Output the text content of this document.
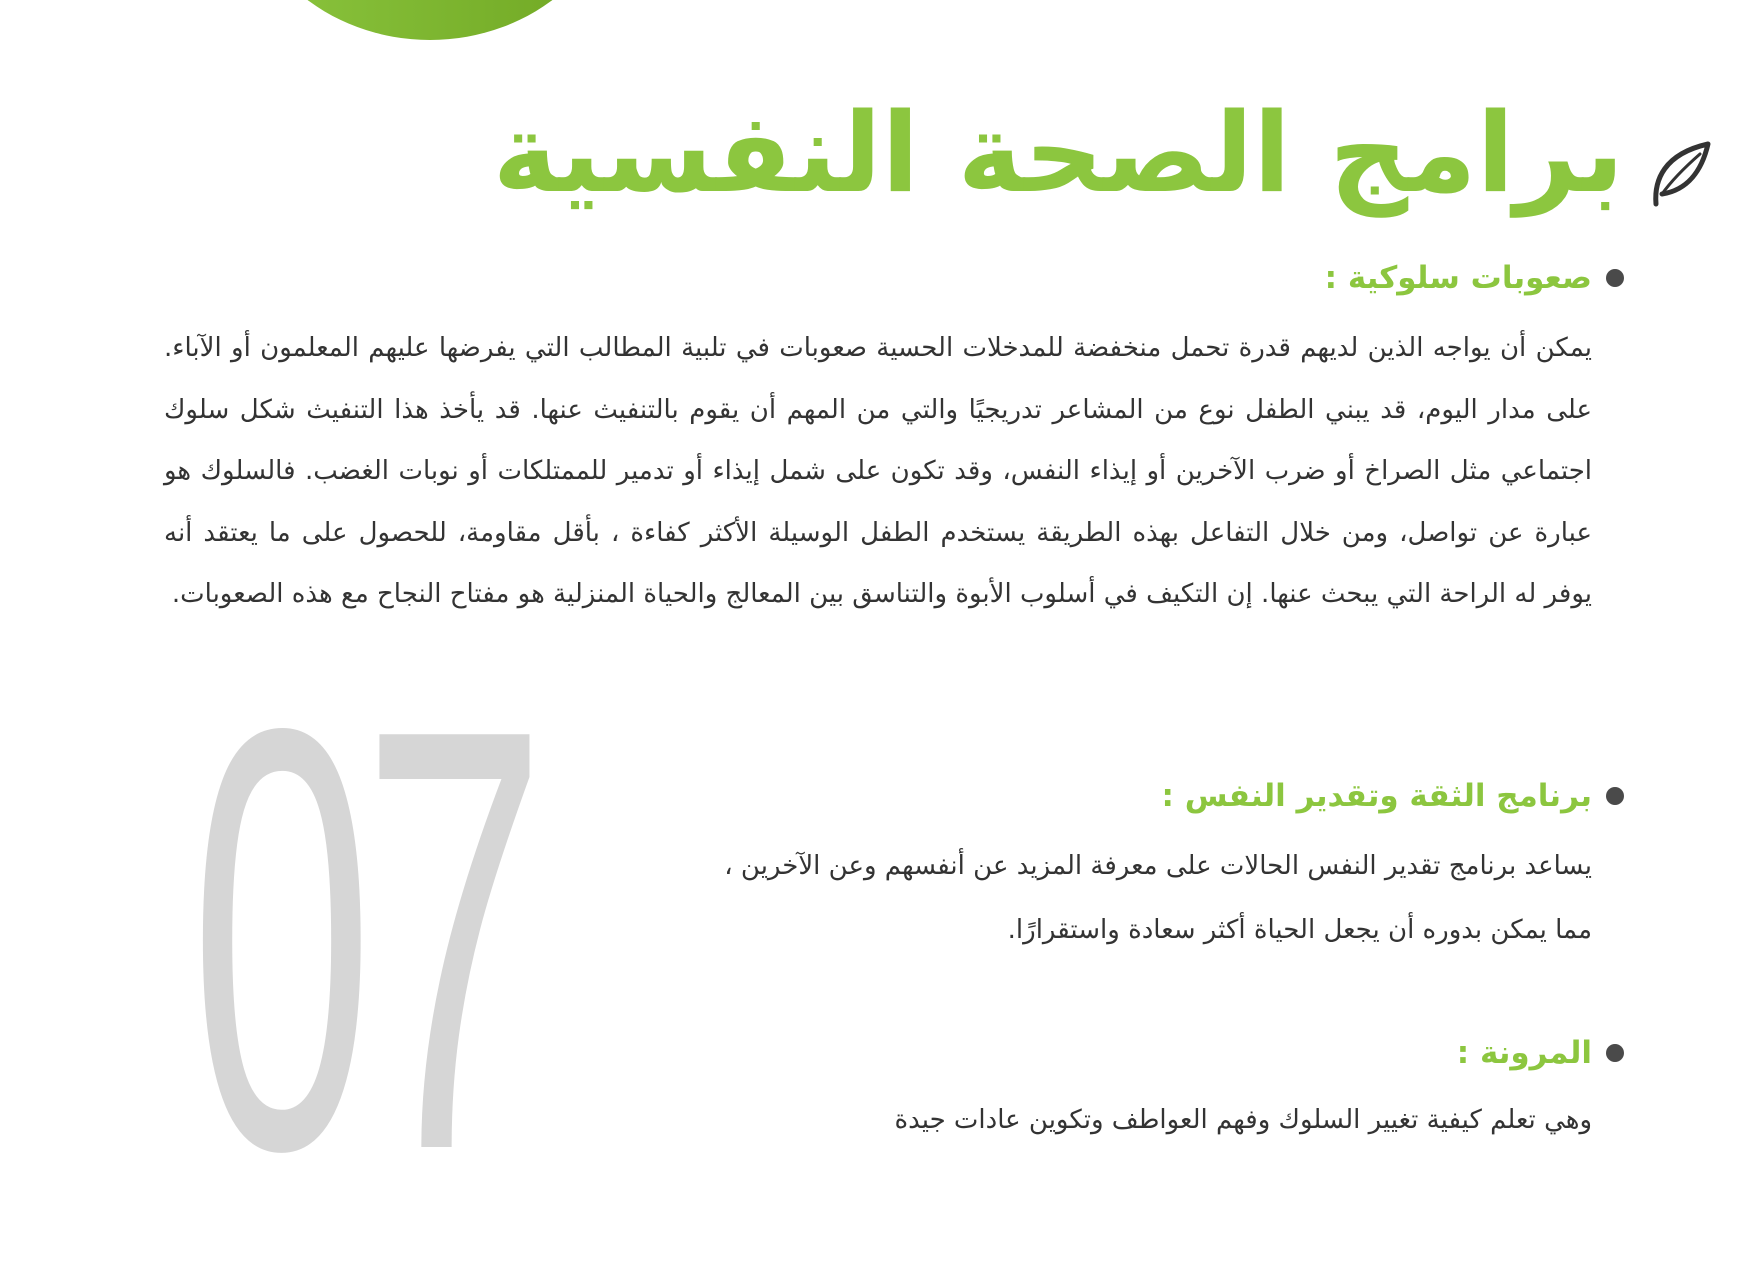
07
برامج الصحة النفسية
صعوبات سلوكية :

يمكن أن يواجه الذين لديهم قدرة تحمل منخفضة للمدخلات الحسية صعوبات في تلبية المطالب التي يفرضها عليهم المعلمون أو الآباء. على مدار اليوم، قد يبني الطفل نوع من المشاعر تدريجيًا والتي من المهم أن يقوم بالتنفيث عنها. قد يأخذ هذا التنفيث شكل سلوك اجتماعي مثل الصراخ أو ضرب الآخرين أو إيذاء النفس، وقد تكون على شمل إيذاء أو تدمير للممتلكات أو نوبات الغضب. فالسلوك هو عبارة عن تواصل، ومن خلال التفاعل بهذه الطريقة يستخدم الطفل الوسيلة الأكثر كفاءة ، بأقل مقاومة، للحصول على ما يعتقد أنه يوفر له الراحة التي يبحث عنها. إن التكيف في أسلوب الأبوة والتناسق بين المعالج والحياة المنزلية هو مفتاح النجاح مع هذه الصعوبات.

برنامج الثقة وتقدير النفس :

يساعد برنامج تقدير النفس الحالات على معرفة المزيد عن أنفسهم وعن الآخرين ،
مما يمكن بدوره أن يجعل الحياة أكثر سعادة واستقرارًا.

المرونة :

وهي تعلم كيفية تغيير السلوك وفهم العواطف وتكوين عادات جيدة
